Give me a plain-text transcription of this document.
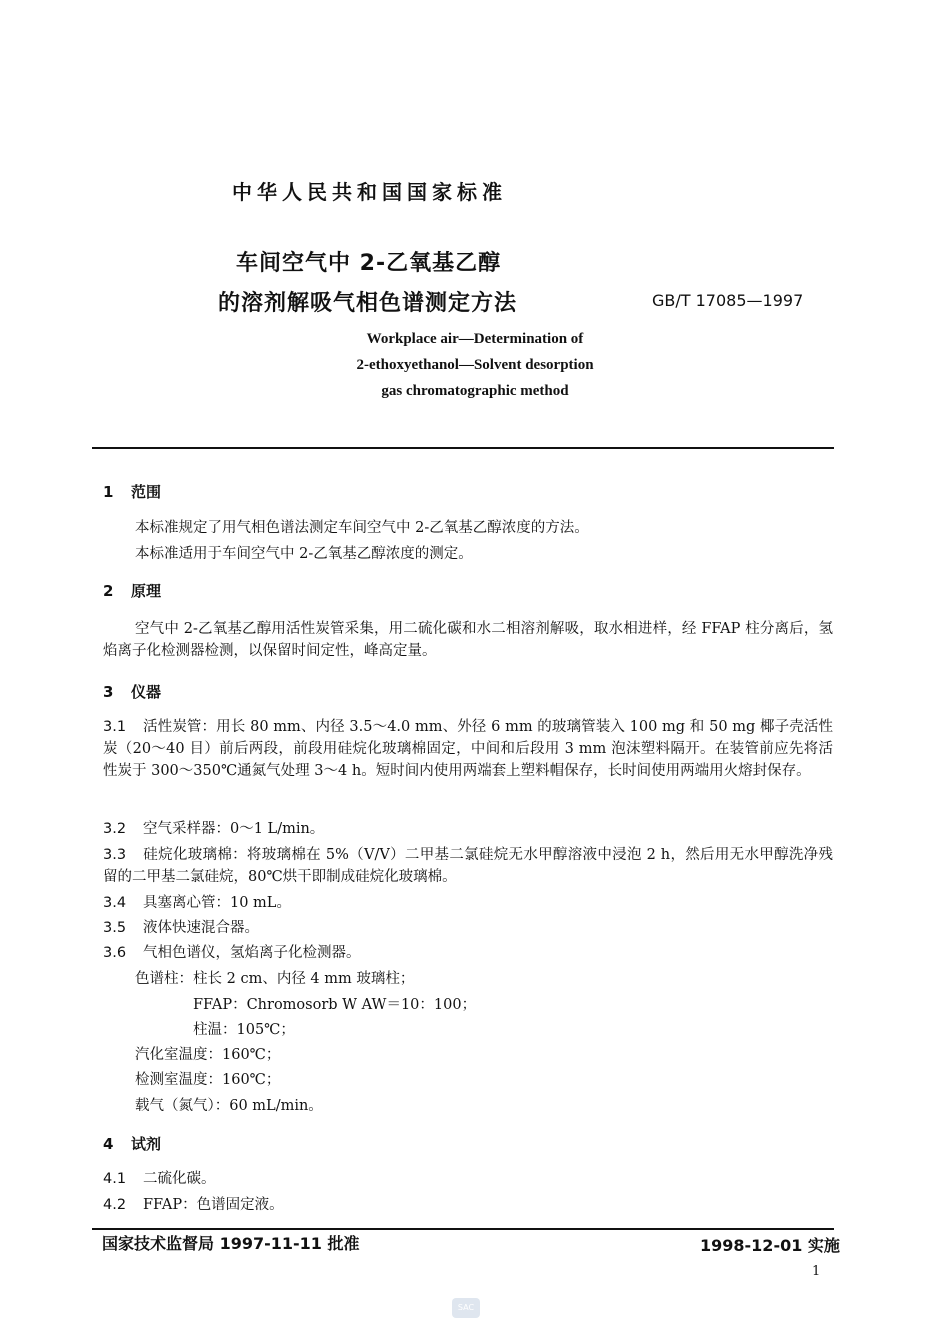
中华人民共和国国家标准
车间空气中 2-乙氧基乙醇
的溶剂解吸气相色谱测定方法	GB/T 17085—1997
Workplace air—Determination of
2-ethoxyethanol—Solvent desorption
gas chromatographic method
1 范围
本标准规定了用气相色谱法测定车间空气中 2-乙氧基乙醇浓度的方法。
本标准适用于车间空气中 2-乙氧基乙醇浓度的测定。
2 原理
空气中 2-乙氧基乙醇用活性炭管采集，用二硫化碳和水二相溶剂解吸，取水相进样，经 FFAP 柱分离后，氢焰离子化检测器检测，以保留时间定性，峰高定量。
3 仪器
3.1 活性炭管：用长 80 mm、内径 3.5～4.0 mm、外径 6 mm 的玻璃管装入 100 mg 和 50 mg 椰子壳活性炭（20～40 目）前后两段，前段用硅烷化玻璃棉固定，中间和后段用 3 mm 泡沫塑料隔开。在装管前应先将活性炭于 300～350℃通氮气处理 3～4 h。短时间内使用两端套上塑料帽保存，长时间使用两端用火熔封保存。
3.2 空气采样器：0～1 L/min。
3.3 硅烷化玻璃棉：将玻璃棉在 5%（V/V）二甲基二氯硅烷无水甲醇溶液中浸泡 2 h，然后用无水甲醇洗净残留的二甲基二氯硅烷，80℃烘干即制成硅烷化玻璃棉。
3.4 具塞离心管：10 mL。
3.5 液体快速混合器。
3.6 气相色谱仪，氢焰离子化检测器。
色谱柱：柱长 2 cm、内径 4 mm 玻璃柱；
FFAP：Chromosorb W AW＝10：100；
柱温：105℃；
汽化室温度：160℃；
检测室温度：160℃；
载气（氮气）：60 mL/min。
4 试剂
4.1 二硫化碳。
4.2 FFAP：色谱固定液。
国家技术监督局 1997-11-11 批准	1998-12-01 实施
1
SAC
